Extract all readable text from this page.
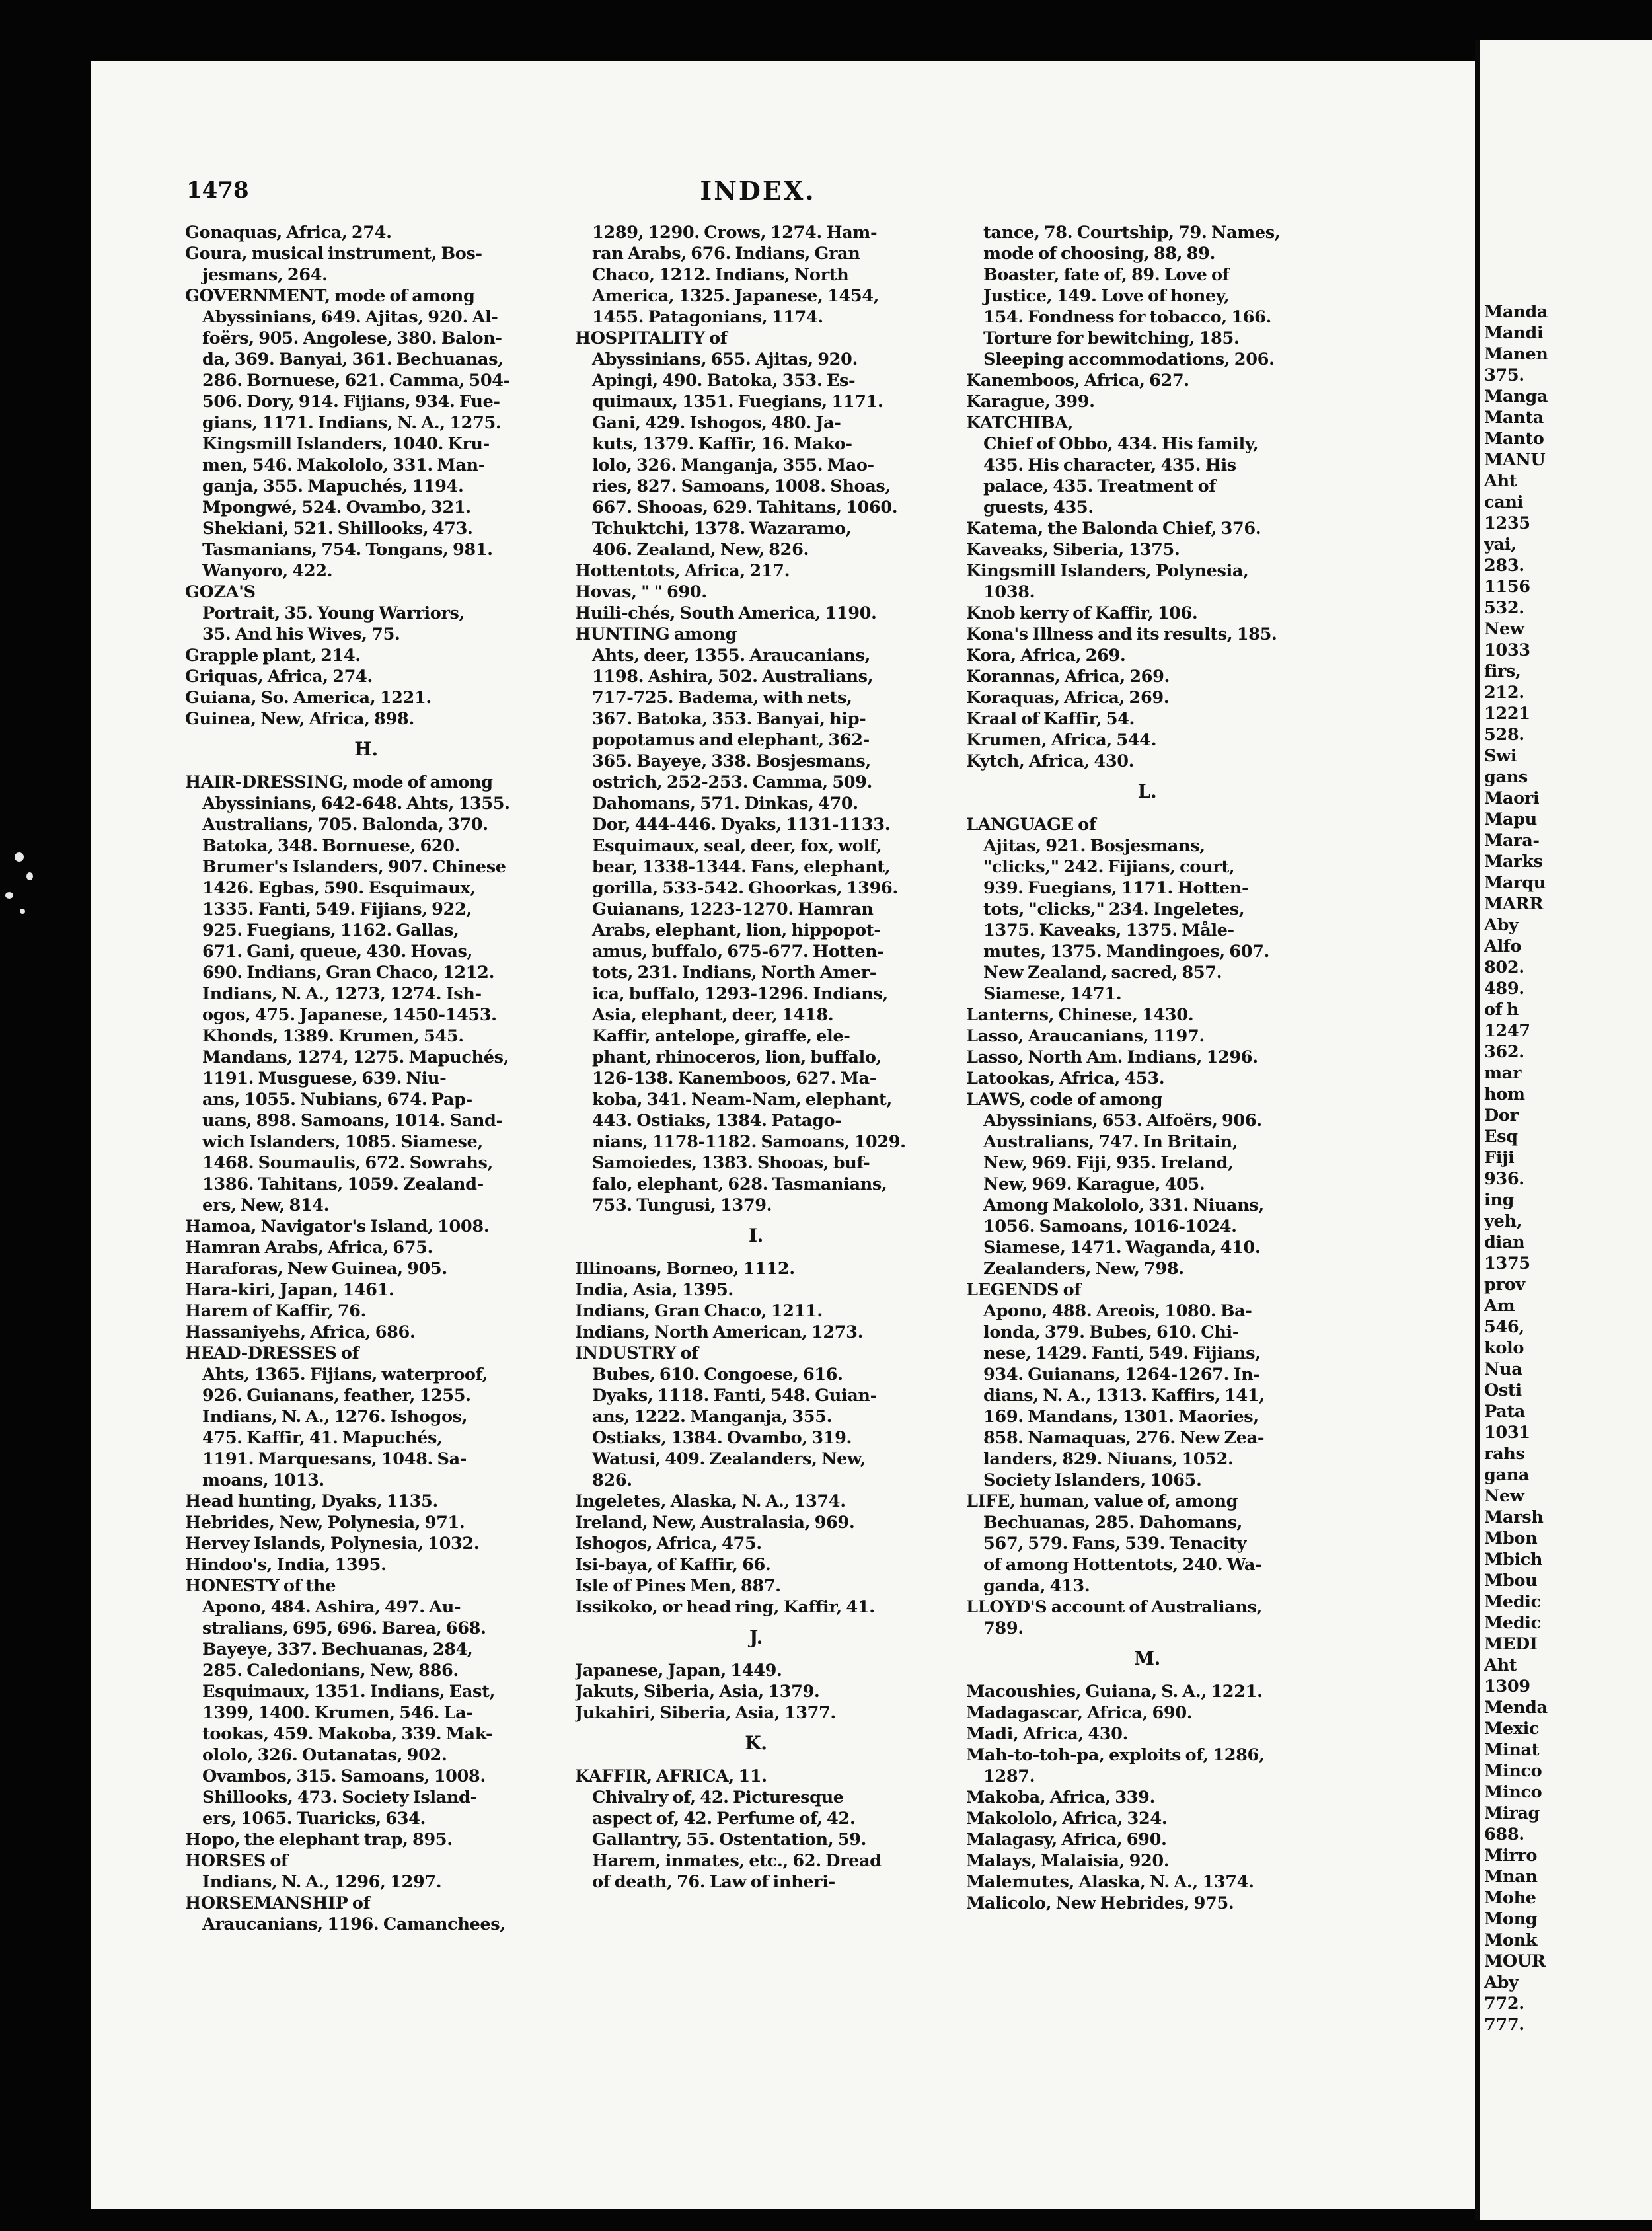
Manda
Mandi
Manen
375.
Manga
Manta
Manto
MANU
Aht
cani
1235
yai,
283.
1156
532.
New
1033
firs,
212.
1221
528.
Swi
gans
Maori
Mapu
Mara-
Marks
Marqu
MARR
Aby
Alfo
802.
489.
of h
1247
362.
mar
hom
Dor
Esq
Fiji
936.
ing
yeh,
dian
1375
prov
Am
546,
kolo
Nua
Osti
Pata
1031
rahs
gana
New
Marsh
Mbon
Mbich
Mbou
Medic
Medic
MEDI
Aht
1309
Menda
Mexic
Minat
Minco
Minco
Mirag
688.
Mirro
Mnan
Mohe
Mong
Monk
MOUR
Aby
772.
777.
1478	INDEX.
Gonaquas, Africa, 274.
Goura, musical instrument, Bos-
jesmans, 264.
GOVERNMENT, mode of among
Abyssinians, 649. Ajitas, 920. Al-
foërs, 905. Angolese, 380. Balon-
da, 369. Banyai, 361. Bechuanas,
286. Bornuese, 621. Camma, 504-
506. Dory, 914. Fijians, 934. Fue-
gians, 1171. Indians, N. A., 1275.
Kingsmill Islanders, 1040. Kru-
men, 546. Makololo, 331. Man-
ganja, 355. Mapuchés, 1194.
Mpongwé, 524. Ovambo, 321.
Shekiani, 521. Shillooks, 473.
Tasmanians, 754. Tongans, 981.
Wanyoro, 422.
GOZA'S
Portrait, 35. Young Warriors,
35. And his Wives, 75.
Grapple plant, 214.
Griquas, Africa, 274.
Guiana, So. America, 1221.
Guinea, New, Africa, 898.
H.
HAIR-DRESSING, mode of among
Abyssinians, 642-648. Ahts, 1355.
Australians, 705. Balonda, 370.
Batoka, 348. Bornuese, 620.
Brumer's Islanders, 907. Chinese
1426. Egbas, 590. Esquimaux,
1335. Fanti, 549. Fijians, 922,
925. Fuegians, 1162. Gallas,
671. Gani, queue, 430. Hovas,
690. Indians, Gran Chaco, 1212.
Indians, N. A., 1273, 1274. Ish-
ogos, 475. Japanese, 1450-1453.
Khonds, 1389. Krumen, 545.
Mandans, 1274, 1275. Mapuchés,
1191. Musguese, 639. Niu-
ans, 1055. Nubians, 674. Pap-
uans, 898. Samoans, 1014. Sand-
wich Islanders, 1085. Siamese,
1468. Soumaulis, 672. Sowrahs,
1386. Tahitans, 1059. Zealand-
ers, New, 814.
Hamoa, Navigator's Island, 1008.
Hamran Arabs, Africa, 675.
Haraforas, New Guinea, 905.
Hara-kiri, Japan, 1461.
Harem of Kaffir, 76.
Hassaniyehs, Africa, 686.
HEAD-DRESSES of
Ahts, 1365. Fijians, waterproof,
926. Guianans, feather, 1255.
Indians, N. A., 1276. Ishogos,
475. Kaffir, 41. Mapuchés,
1191. Marquesans, 1048. Sa-
moans, 1013.
Head hunting, Dyaks, 1135.
Hebrides, New, Polynesia, 971.
Hervey Islands, Polynesia, 1032.
Hindoo's, India, 1395.
HONESTY of the
Apono, 484. Ashira, 497. Au-
stralians, 695, 696. Barea, 668.
Bayeye, 337. Bechuanas, 284,
285. Caledonians, New, 886.
Esquimaux, 1351. Indians, East,
1399, 1400. Krumen, 546. La-
tookas, 459. Makoba, 339. Mak-
ololo, 326. Outanatas, 902.
Ovambos, 315. Samoans, 1008.
Shillooks, 473. Society Island-
ers, 1065. Tuaricks, 634.
Hopo, the elephant trap, 895.
HORSES of
Indians, N. A., 1296, 1297.
HORSEMANSHIP of
Araucanians, 1196. Camanchees,
1289, 1290. Crows, 1274. Ham-
ran Arabs, 676. Indians, Gran
Chaco, 1212. Indians, North
America, 1325. Japanese, 1454,
1455. Patagonians, 1174.
HOSPITALITY of
Abyssinians, 655. Ajitas, 920.
Apingi, 490. Batoka, 353. Es-
quimaux, 1351. Fuegians, 1171.
Gani, 429. Ishogos, 480. Ja-
kuts, 1379. Kaffir, 16. Mako-
lolo, 326. Manganja, 355. Mao-
ries, 827. Samoans, 1008. Shoas,
667. Shooas, 629. Tahitans, 1060.
Tchuktchi, 1378. Wazaramo,
406. Zealand, New, 826.
Hottentots, Africa, 217.
Hovas, " " 690.
Huili-chés, South America, 1190.
HUNTING among
Ahts, deer, 1355. Araucanians,
1198. Ashira, 502. Australians,
717-725. Badema, with nets,
367. Batoka, 353. Banyai, hip-
popotamus and elephant, 362-
365. Bayeye, 338. Bosjesmans,
ostrich, 252-253. Camma, 509.
Dahomans, 571. Dinkas, 470.
Dor, 444-446. Dyaks, 1131-1133.
Esquimaux, seal, deer, fox, wolf,
bear, 1338-1344. Fans, elephant,
gorilla, 533-542. Ghoorkas, 1396.
Guianans, 1223-1270. Hamran
Arabs, elephant, lion, hippopot-
amus, buffalo, 675-677. Hotten-
tots, 231. Indians, North Amer-
ica, buffalo, 1293-1296. Indians,
Asia, elephant, deer, 1418.
Kaffir, antelope, giraffe, ele-
phant, rhinoceros, lion, buffalo,
126-138. Kanemboos, 627. Ma-
koba, 341. Neam-Nam, elephant,
443. Ostiaks, 1384. Patago-
nians, 1178-1182. Samoans, 1029.
Samoiedes, 1383. Shooas, buf-
falo, elephant, 628. Tasmanians,
753. Tungusi, 1379.
I.
Illinoans, Borneo, 1112.
India, Asia, 1395.
Indians, Gran Chaco, 1211.
Indians, North American, 1273.
INDUSTRY of
Bubes, 610. Congoese, 616.
Dyaks, 1118. Fanti, 548. Guian-
ans, 1222. Manganja, 355.
Ostiaks, 1384. Ovambo, 319.
Watusi, 409. Zealanders, New,
826.
Ingeletes, Alaska, N. A., 1374.
Ireland, New, Australasia, 969.
Ishogos, Africa, 475.
Isi-baya, of Kaffir, 66.
Isle of Pines Men, 887.
Issikoko, or head ring, Kaffir, 41.
J.
Japanese, Japan, 1449.
Jakuts, Siberia, Asia, 1379.
Jukahiri, Siberia, Asia, 1377.
K.
KAFFIR, AFRICA, 11.
Chivalry of, 42. Picturesque
aspect of, 42. Perfume of, 42.
Gallantry, 55. Ostentation, 59.
Harem, inmates, etc., 62. Dread
of death, 76. Law of inheri-
tance, 78. Courtship, 79. Names,
mode of choosing, 88, 89.
Boaster, fate of, 89. Love of
Justice, 149. Love of honey,
154. Fondness for tobacco, 166.
Torture for bewitching, 185.
Sleeping accommodations, 206.
Kanemboos, Africa, 627.
Karague, 399.
KATCHIBA,
Chief of Obbo, 434. His family,
435. His character, 435. His
palace, 435. Treatment of
guests, 435.
Katema, the Balonda Chief, 376.
Kaveaks, Siberia, 1375.
Kingsmill Islanders, Polynesia,
1038.
Knob kerry of Kaffir, 106.
Kona's Illness and its results, 185.
Kora, Africa, 269.
Korannas, Africa, 269.
Koraquas, Africa, 269.
Kraal of Kaffir, 54.
Krumen, Africa, 544.
Kytch, Africa, 430.
L.
LANGUAGE of
Ajitas, 921. Bosjesmans,
"clicks," 242. Fijians, court,
939. Fuegians, 1171. Hotten-
tots, "clicks," 234. Ingeletes,
1375. Kaveaks, 1375. Måle-
mutes, 1375. Mandingoes, 607.
New Zealand, sacred, 857.
Siamese, 1471.
Lanterns, Chinese, 1430.
Lasso, Araucanians, 1197.
Lasso, North Am. Indians, 1296.
Latookas, Africa, 453.
LAWS, code of among
Abyssinians, 653. Alfoërs, 906.
Australians, 747. In Britain,
New, 969. Fiji, 935. Ireland,
New, 969. Karague, 405.
Among Makololo, 331. Niuans,
1056. Samoans, 1016-1024.
Siamese, 1471. Waganda, 410.
Zealanders, New, 798.
LEGENDS of
Apono, 488. Areois, 1080. Ba-
londa, 379. Bubes, 610. Chi-
nese, 1429. Fanti, 549. Fijians,
934. Guianans, 1264-1267. In-
dians, N. A., 1313. Kaffirs, 141,
169. Mandans, 1301. Maories,
858. Namaquas, 276. New Zea-
landers, 829. Niuans, 1052.
Society Islanders, 1065.
LIFE, human, value of, among
Bechuanas, 285. Dahomans,
567, 579. Fans, 539. Tenacity
of among Hottentots, 240. Wa-
ganda, 413.
LLOYD'S account of Australians,
789.
M.
Macoushies, Guiana, S. A., 1221.
Madagascar, Africa, 690.
Madi, Africa, 430.
Mah-to-toh-pa, exploits of, 1286,
1287.
Makoba, Africa, 339.
Makololo, Africa, 324.
Malagasy, Africa, 690.
Malays, Malaisia, 920.
Malemutes, Alaska, N. A., 1374.
Malicolo, New Hebrides, 975.
